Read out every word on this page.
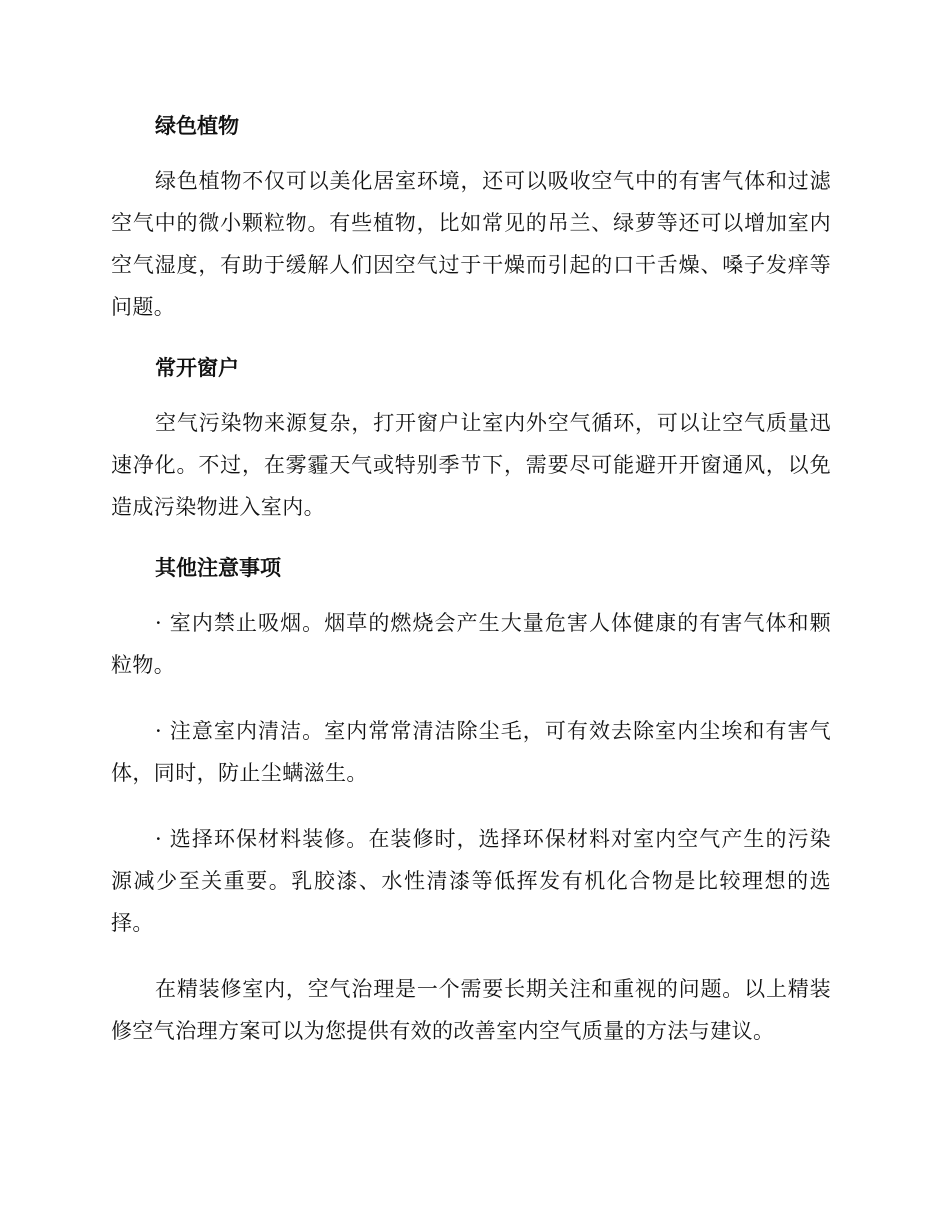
绿色植物

绿色植物不仅可以美化居室环境，还可以吸收空气中的有害气体和过滤空气中的微小颗粒物。有些植物，比如常见的吊兰、绿萝等还可以增加室内空气湿度，有助于缓解人们因空气过于干燥而引起的口干舌燥、嗓子发痒等问题。

常开窗户

空气污染物来源复杂，打开窗户让室内外空气循环，可以让空气质量迅速净化。不过，在雾霾天气或特别季节下，需要尽可能避开开窗通风，以免造成污染物进入室内。

其他注意事项

· 室内禁止吸烟。烟草的燃烧会产生大量危害人体健康的有害气体和颗粒物。

· 注意室内清洁。室内常常清洁除尘毛，可有效去除室内尘埃和有害气体，同时，防止尘螨滋生。

· 选择环保材料装修。在装修时，选择环保材料对室内空气产生的污染源减少至关重要。乳胶漆、水性清漆等低挥发有机化合物是比较理想的选择。

在精装修室内，空气治理是一个需要长期关注和重视的问题。以上精装修空气治理方案可以为您提供有效的改善室内空气质量的方法与建议。
